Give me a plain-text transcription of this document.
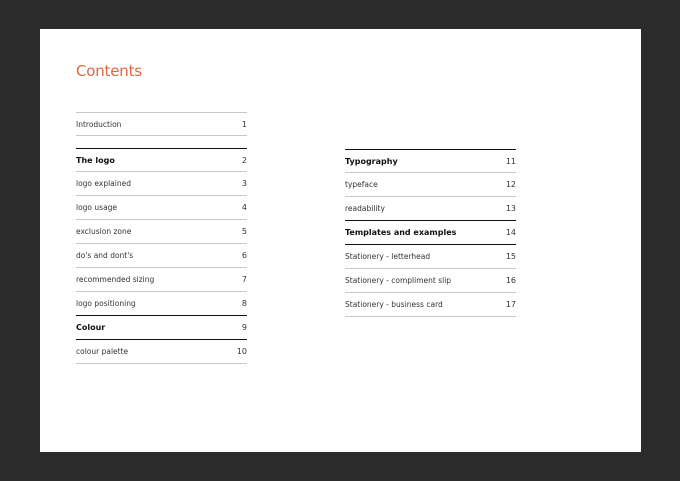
Contents
Introduction	1
The logo	2
logo explained	3
logo usage	4
exclusion zone	5
do's and dont's	6
recommended sizing	7
logo positioning	8
Colour	9
colour palette	10
Typography	11
typeface	12
readability	13
Templates and examples	14
Stationery - letterhead	15
Stationery - compliment slip	16
Stationery - business card	17
